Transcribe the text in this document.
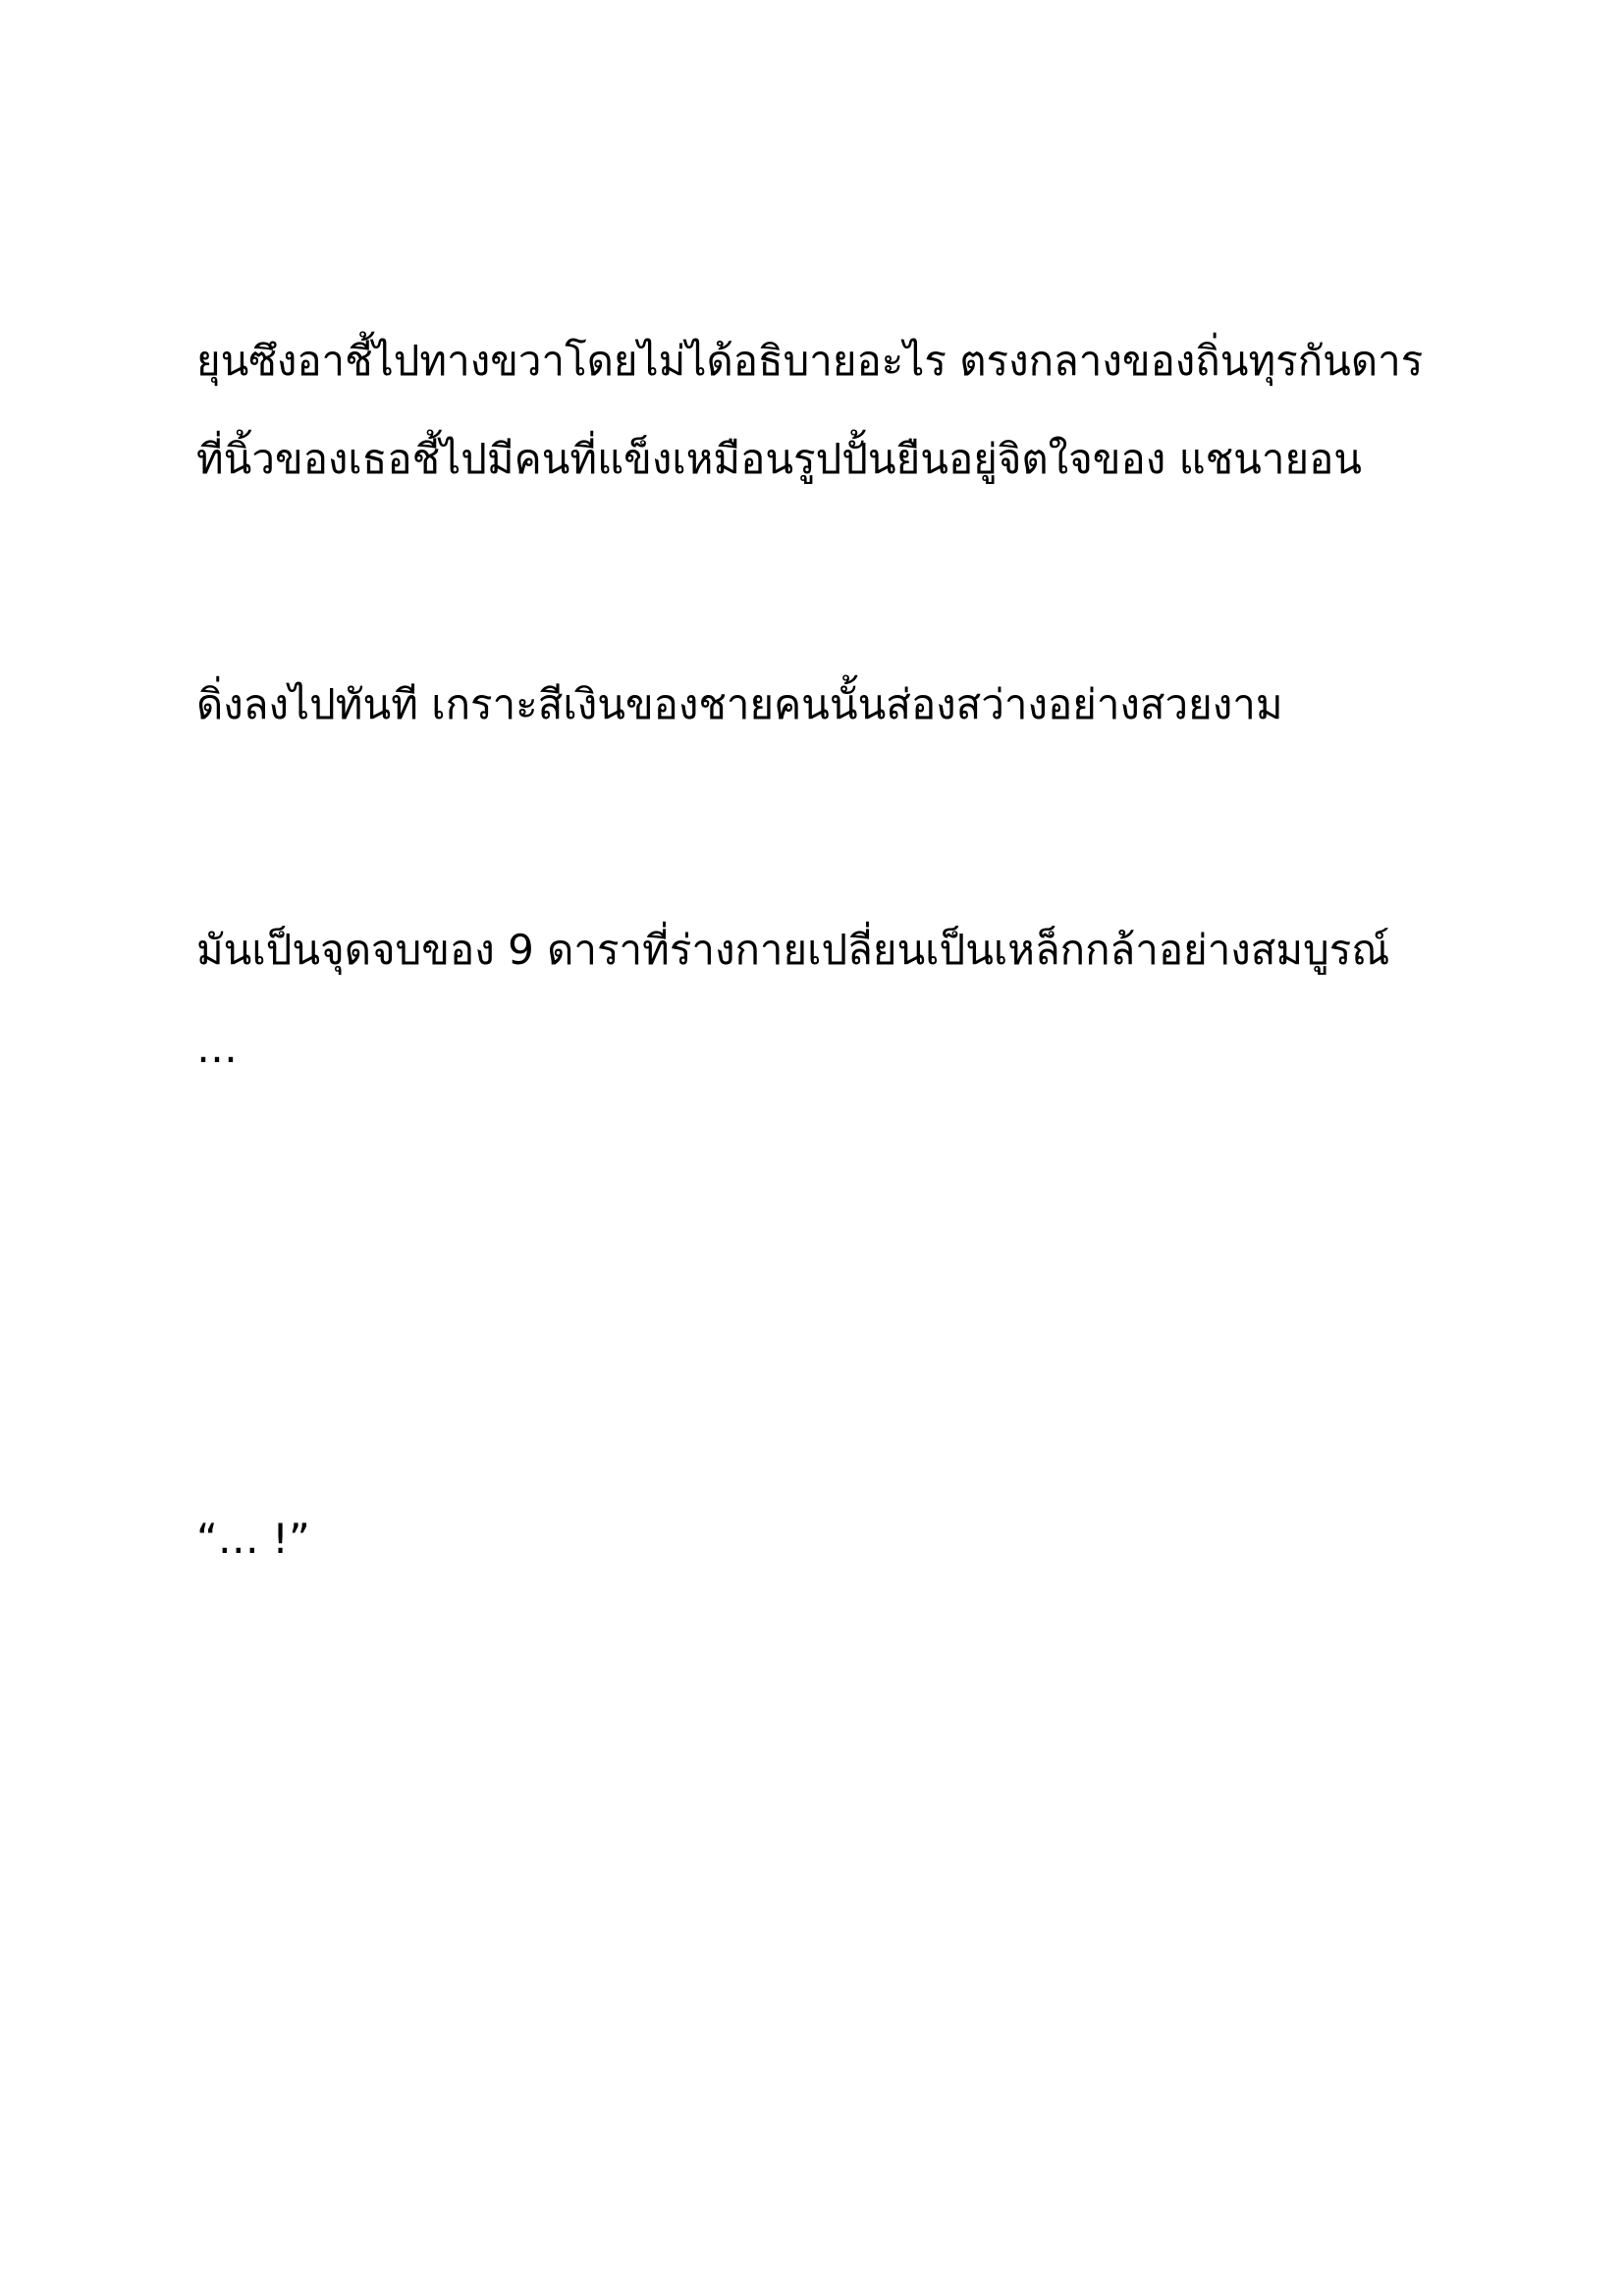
ยุนซึงอาชี้ไปทางขวาโดยไม่ได้อธิบายอะไร ตรงกลางของถิ่นทุรกันดาร

ที่นิ้วของเธอชี้ไปมีคนที่แข็งเหมือนรูปปั้นยืนอยู่จิตใจของ แชนายอน

ดิ่งลงไปทันที เกราะสีเงินของชายคนนั้นส่องสว่างอย่างสวยงาม

มันเป็นจุดจบของ 9 ดาราที่ร่างกายเปลี่ยนเป็นเหล็กกล้าอย่างสมบูรณ์

…

“… !”
